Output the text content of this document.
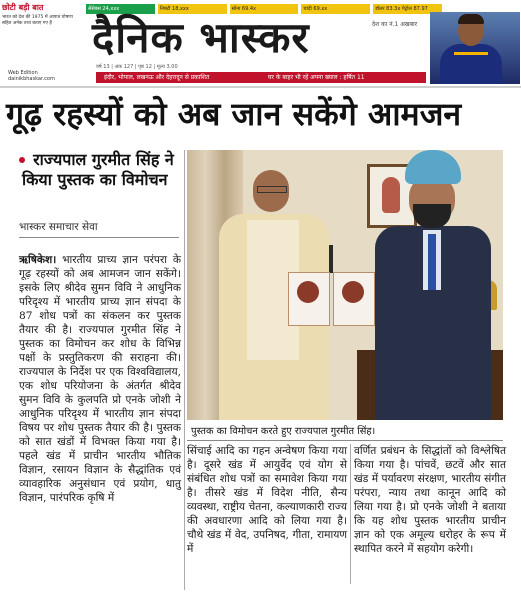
छोटी बड़ी बात
भारत को देश की 1975 में आपात घोषणा सहित अनेक तथ्य बताए गए हैं
Web Edition
dainikbhaskar.com
सेंसेक्स 24,xxx	निफ्टी 18,xxx	सोना 69.4x	चांदी 69.xx	डॉलर 83.3x पेट्रोल 87.97
दैनिक भास्कर	देश का नं.1 अखबार
वर्ष 13 | अंक 127 | पृष्ठ 12 | मूल्य 3.00
इंदौर, भोपाल, लखनऊ और देहरादून से प्रकाशित	घर के बाहर भी रहें अपना ख्याल : हर्षित 11
गूढ़ रहस्यों को अब जान सकेंगे आमजन
राज्यपाल गुरमीत सिंह ने किया पुस्तक का विमोचन
भास्कर समाचार सेवा
ऋषिकेश। भारतीय प्राच्य ज्ञान परंपरा के गूढ़ रहस्यों को अब आमजन जान सकेंगे। इसके लिए श्रीदेव सुमन विवि ने आधुनिक परिदृश्य में भारतीय प्राच्य ज्ञान संपदा के 87 शोध पत्रों का संकलन कर पुस्तक तैयार की है। राज्यपाल गुरमीत सिंह ने पुस्तक का विमोचन कर शोध के विभिन्न पक्षों के प्रस्तुतिकरण की सराहना की। राज्यपाल के निर्देश पर एक विश्वविद्यालय, एक शोध परियोजना के अंतर्गत श्रीदेव सुमन विवि के कुलपति प्रो एनके जोशी ने आधुनिक परिदृश्य में भारतीय ज्ञान संपदा विषय पर शोध पुस्तक तैयार की है। पुस्तक को सात खंडों में विभक्त किया गया है। पहले खंड में प्राचीन भारतीय भौतिक विज्ञान, रसायन विज्ञान के सैद्धांतिक एवं व्यावहारिक अनुसंधान एवं प्रयोग, धातु विज्ञान, पारंपरिक कृषि में
पुस्तक का विमोचन करते हुए राज्यपाल गुरमीत सिंह।
सिंचाई आदि का गहन अन्वेषण किया गया है। दूसरे खंड में आयुर्वेद एवं योग से संबंधित शोध पत्रों का समावेश किया गया है। तीसरे खंड में विदेश नीति, सैन्य व्यवस्था, राष्ट्रीय चेतना, कल्याणकारी राज्य की अवधारणा आदि को लिया गया है। चौथे खंड में वेद, उपनिषद, गीता, रामायण में
वर्णित प्रबंधन के सिद्धांतों को विश्लेषित किया गया है। पांचवें, छटवें और सात खंड में पर्यावरण संरक्षण, भारतीय संगीत परंपरा, न्याय तथा कानून आदि को लिया गया है। प्रो एनके जोशी ने बताया कि यह शोध पुस्तक भारतीय प्राचीन ज्ञान को एक अमूल्य धरोहर के रूप में स्थापित करने में सहयोग करेगी।
